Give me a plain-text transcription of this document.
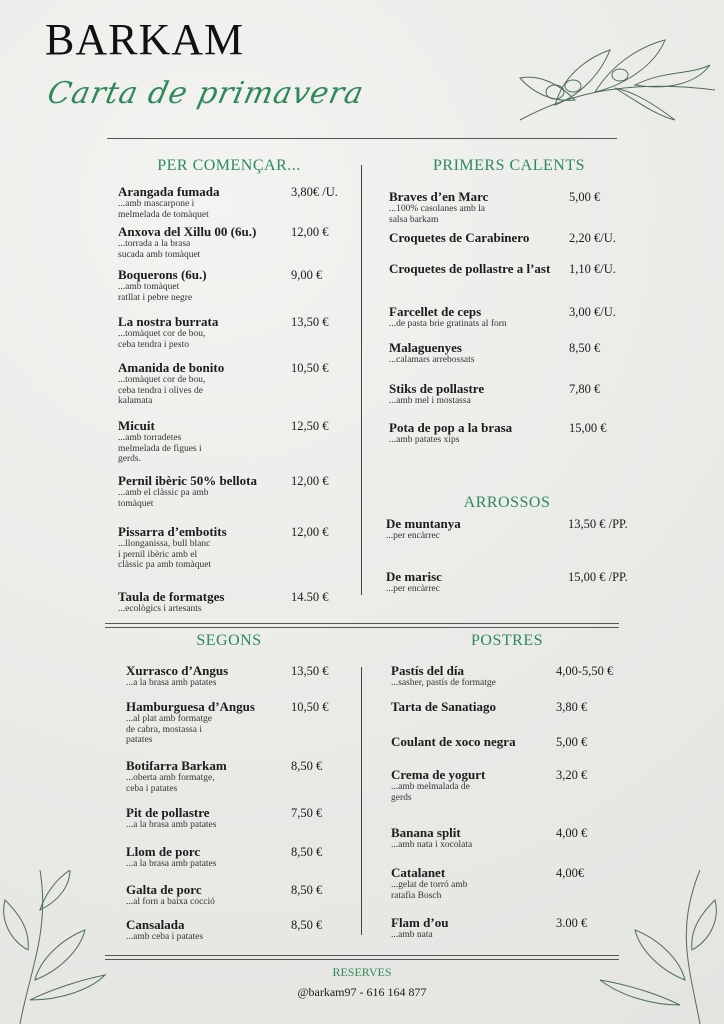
BARKAM
Carta de primavera
PER COMENÇAR...	PRIMERS CALENTS
ARROSSOS
SEGONS	POSTRES
Arangada fumada
...amb mascarpone i
melmelada de tomàquet
3,80€ /U.
Anxova del Xillu 00 (6u.)
...torrada a la brasa
sucada amb tomàquet
12,00 €
Boquerons (6u.)
...amb tomàquet
ratllat i pebre negre
9,00 €
La nostra burrata
...tomàquet cor de bou,
ceba tendra i pesto
13,50 €
Amanida de bonito
...tomàquet cor de bou,
ceba tendra i olives de
kalamata
10,50 €
Micuit
...amb torradetes
melmelada de figues i
gerds.
12,50 €
Pernil ibèric 50% bellota
...amb el clàssic pa amb
tomàquet
12,00 €
Pissarra d’embotits
...llonganissa, bull blanc
i pernil ibèric amb el
clàssic pa amb tomàquet
12,00 €
Taula de formatges
...ecològics i artesants
14.50 €
Braves d’en Marc
...100% casolanes amb la
salsa barkam
5,00 €
Croquetes de Carabinero	2,20 €/U.
Croquetes de pollastre a l’ast	1,10 €/U.
Farcellet de ceps
...de pasta brie gratinats al forn
3,00 €/U.
Malaguenyes
...calamars arrebossats
8,50 €
Stiks de pollastre
...amb mel i mostassa
7,80 €
Pota de pop a la brasa
...amb patates xips
15,00 €
De muntanya
...per encàrrec
13,50 € /PP.
De marisc
...per encàrrec
15,00 € /PP.
Xurrasco d’Angus
...a la brasa amb patates
13,50 €
Hamburguesa d’Angus
...al plat amb formatge
de cabra, mostassa i
patates
10,50 €
Botifarra Barkam
...oberta amb formatge,
ceba i patates
8,50 €
Pit de pollastre
...a la brasa amb patates
7,50 €
Llom de porc
...a la brasa amb patates
8,50 €
Galta de porc
...al forn a baixa cocció
8,50 €
Cansalada
...amb ceba i patates
8,50 €
Pastís del día
...sasher, pastís de formatge
4,00-5,50 €
Tarta de Sanatiago	3,80 €
Coulant de xoco negra	5,00 €
Crema de yogurt
...amb melmalada de
gerds
3,20 €
Banana split
...amb nata i xocolata
4,00 €
Catalanet
...gelat de torró amb
ratafia Bosch
4,00€
Flam d’ou
...amb nata
3.00 €
RESERVES
@barkam97 - 616 164 877
